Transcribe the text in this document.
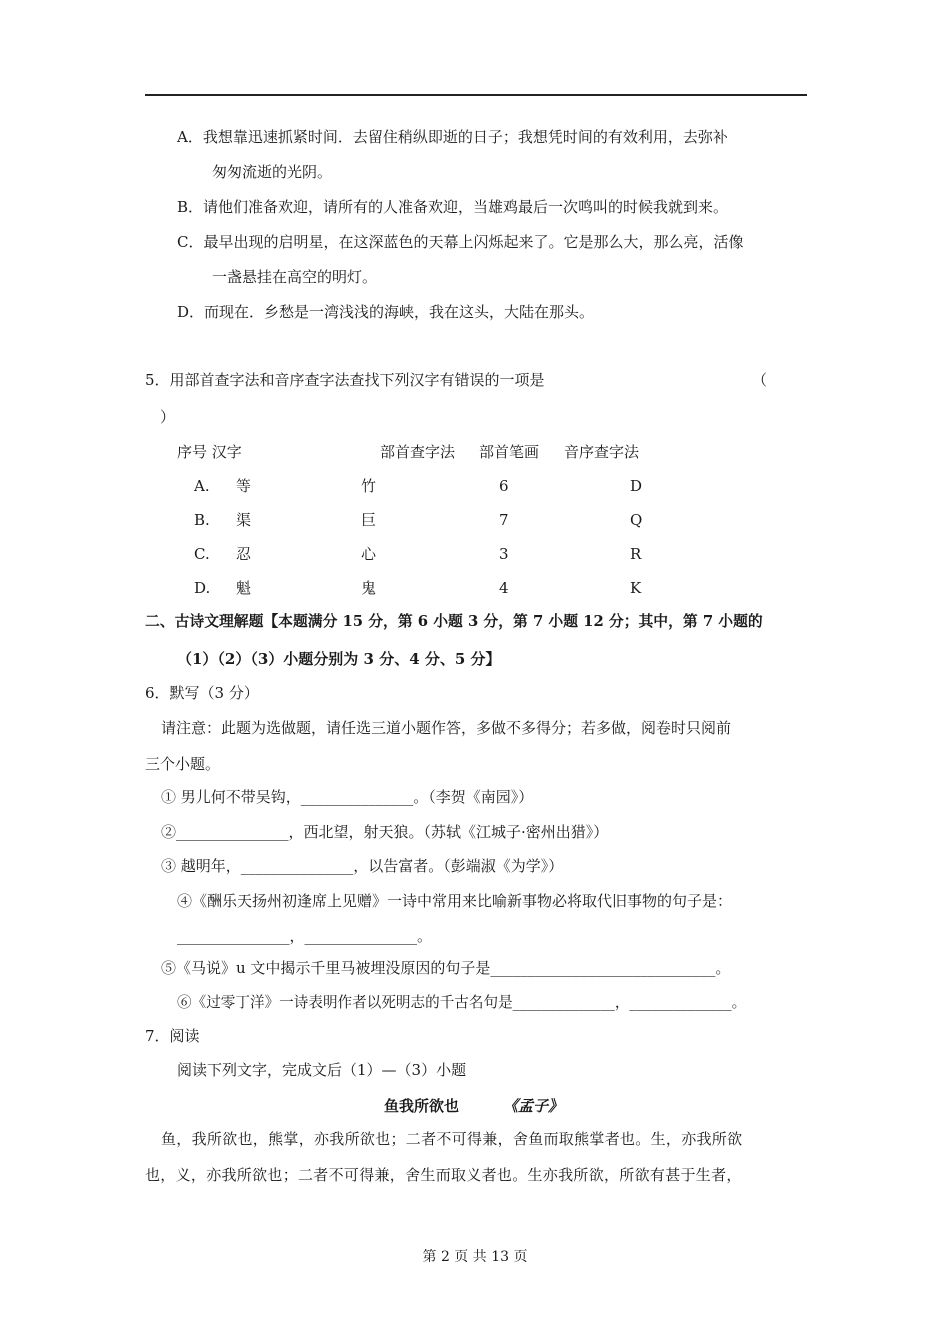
A．我想靠迅速抓紧时间．去留住稍纵即逝的日子；我想凭时间的有效利用，去弥补
匆匆流逝的光阴。
B．请他们准备欢迎，请所有的人准备欢迎，当雄鸡最后一次鸣叫的时候我就到来。
C．最早出现的启明星，在这深蓝色的天幕上闪烁起来了。它是那么大，那么亮，活像
一盏悬挂在高空的明灯。
D．而现在．乡愁是一湾浅浅的海峡，我在这头，大陆在那头。
5．用部首查字法和音序查字法查找下列汉字有错误的一项是	（
）
序号 汉字	部首查字法 部首笔画 音序查字法
A. 等	竹	6	D
B. 渠	巨	7	Q
C. 忍	心	3	R
D. 魁	鬼	4	K
二、古诗文理解题【本题满分 15 分，第 6 小题 3 分，第 7 小题 12 分；其中，第 7 小题的
（1）（2）（3）小题分别为 3 分、4 分、5 分】
6．默写（3 分）
请注意：此题为选做题，请任选三道小题作答，多做不多得分；若多做，阅卷时只阅前
三个小题。
① 男儿何不带吴钩，_______________。（李贺《南园》）
②_______________，西北望，射天狼。（苏轼《江城子·密州出猎》）
③ 越明年，_______________，以告富者。（彭端淑《为学》）
④《酬乐天扬州初逢席上见赠》一诗中常用来比喻新事物必将取代旧事物的句子是：
_______________，_______________。
⑤《马说》u 文中揭示千里马被埋没原因的句子是______________________________。
⑥《过零丁洋》一诗表明作者以死明志的千古名句是______________，______________。
7．阅读
阅读下列文字，完成文后（1）—（3）小题
鱼我所欲也	《孟子》
鱼，我所欲也，熊掌，亦我所欲也；二者不可得兼，舍鱼而取熊掌者也。生，亦我所欲
也，义，亦我所欲也；二者不可得兼，舍生而取义者也。生亦我所欲，所欲有甚于生者，
第 2 页 共 13 页
